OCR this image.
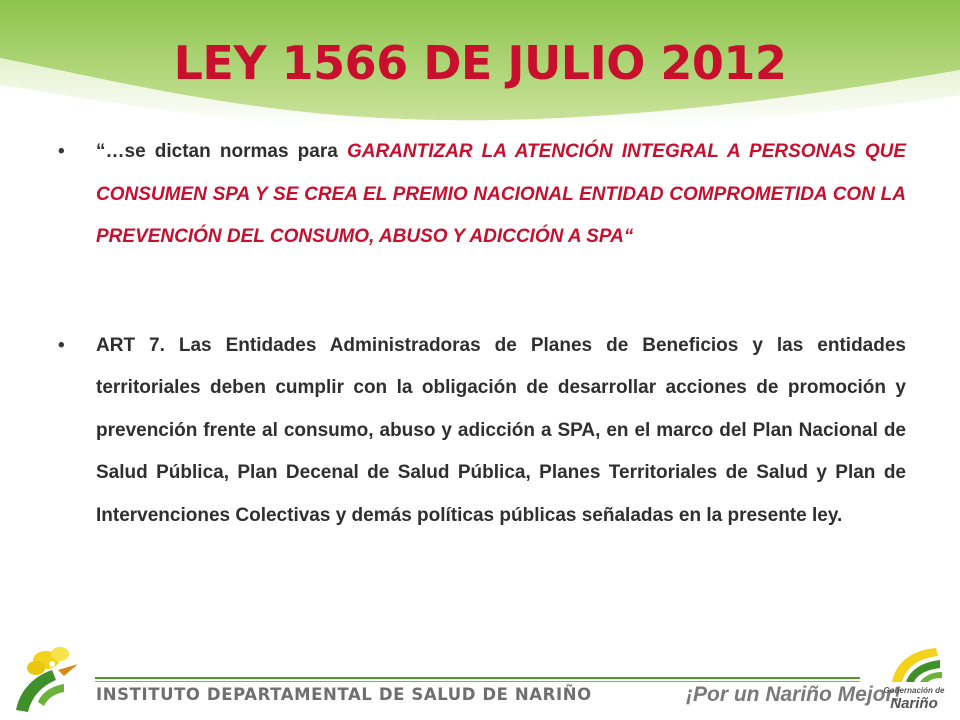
LEY 1566 DE JULIO 2012

• “…se dictan normas para GARANTIZAR LA ATENCIÓN INTEGRAL A PERSONAS QUE CONSUMEN SPA Y SE CREA EL PREMIO NACIONAL ENTIDAD COMPROMETIDA CON LA PREVENCIÓN DEL CONSUMO, ABUSO Y ADICCIÓN A SPA“

• ART 7. Las Entidades Administradoras de Planes de Beneficios y las entidades territoriales deben cumplir con la obligación de desarrollar acciones de promoción y prevención frente al consumo, abuso y adicción a SPA, en el marco del Plan Nacional de Salud Pública, Plan Decenal de Salud Pública, Planes Territoriales de Salud y Plan de Intervenciones Colectivas y demás políticas públicas señaladas en la presente ley.

INSTITUTO DEPARTAMENTAL DE SALUD DE NARIÑO	¡Por un Nariño Mejor!
Gobernación de
Nariño
